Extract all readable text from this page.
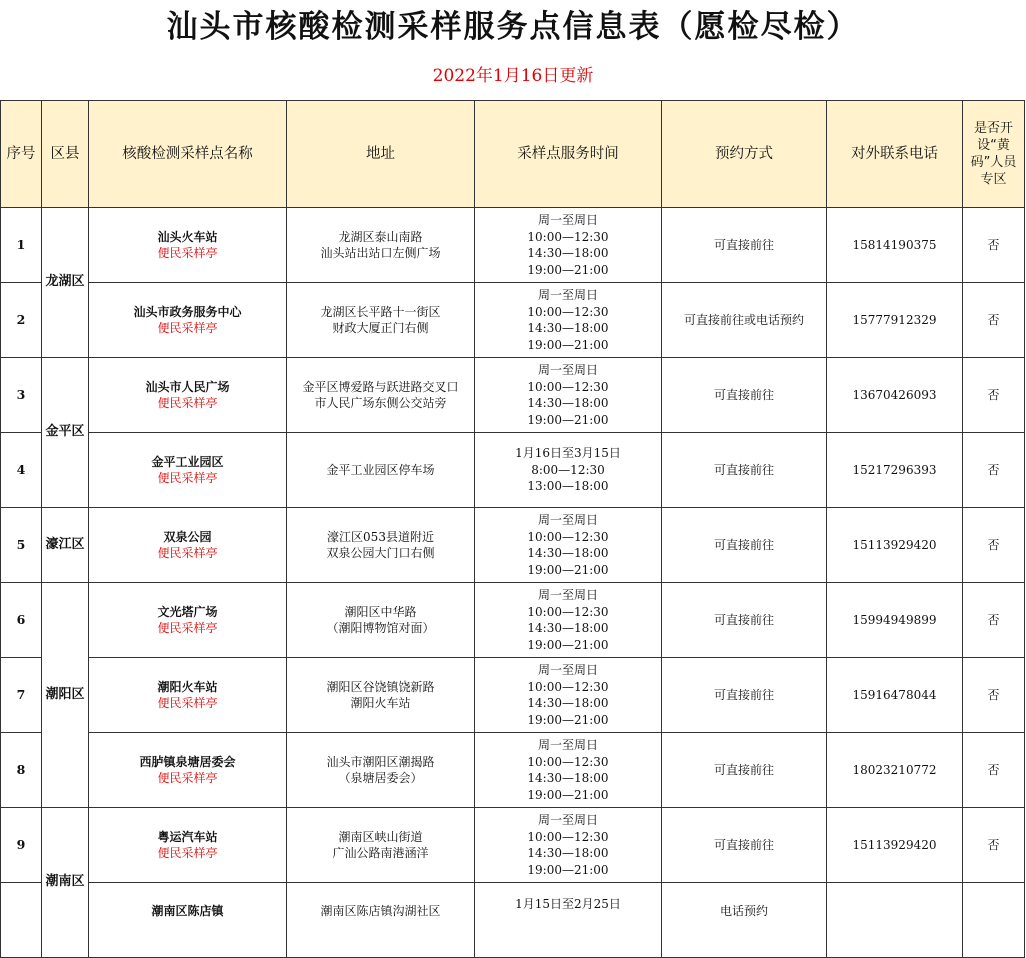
汕头市核酸检测采样服务点信息表（愿检尽检）
2022年1月16日更新
序号	区县	核酸检测采样点名称	地址	采样点服务时间	预约方式	对外联系电话	是否开设“黄码”人员专区
1	龙湖区	汕头火车站
便民采样亭	龙湖区泰山南路
汕头站出站口左侧广场	周一至周日
10:00—12:30
14:30—18:00
19:00—21:00	可直接前往	15814190375	否
2		汕头市政务服务中心
便民采样亭	龙湖区长平路十一街区
财政大厦正门右侧	周一至周日
10:00—12:30
14:30—18:00
19:00—21:00	可直接前往或电话预约	15777912329	否
3	金平区	汕头市人民广场
便民采样亭	金平区博爱路与跃进路交叉口
市人民广场东侧公交站旁	周一至周日
10:00—12:30
14:30—18:00
19:00—21:00	可直接前往	13670426093	否
4		金平工业园区
便民采样亭	金平工业园区停车场	1月16日至3月15日
8:00—12:30
13:00—18:00	可直接前往	15217296393	否
5	濠江区	双泉公园
便民采样亭	濠江区053县道附近
双泉公园大门口右侧	周一至周日
10:00—12:30
14:30—18:00
19:00—21:00	可直接前往	15113929420	否
6	潮阳区	文光塔广场
便民采样亭	潮阳区中华路
（潮阳博物馆对面）	周一至周日
10:00—12:30
14:30—18:00
19:00—21:00	可直接前往	15994949899	否
7		潮阳火车站
便民采样亭	潮阳区谷饶镇饶新路
潮阳火车站	周一至周日
10:00—12:30
14:30—18:00
19:00—21:00	可直接前往	15916478044	否
8		西胪镇泉塘居委会
便民采样亭	汕头市潮阳区潮揭路
（泉塘居委会）	周一至周日
10:00—12:30
14:30—18:00
19:00—21:00	可直接前往	18023210772	否
9	潮南区	粤运汽车站
便民采样亭	潮南区峡山街道
广汕公路南港涵洋	周一至周日
10:00—12:30
14:30—18:00
19:00—21:00	可直接前往	15113929420	否

		潮南区陈店镇	潮南区陈店镇沟湖社区	1月15日至2月25日	电话预约		
